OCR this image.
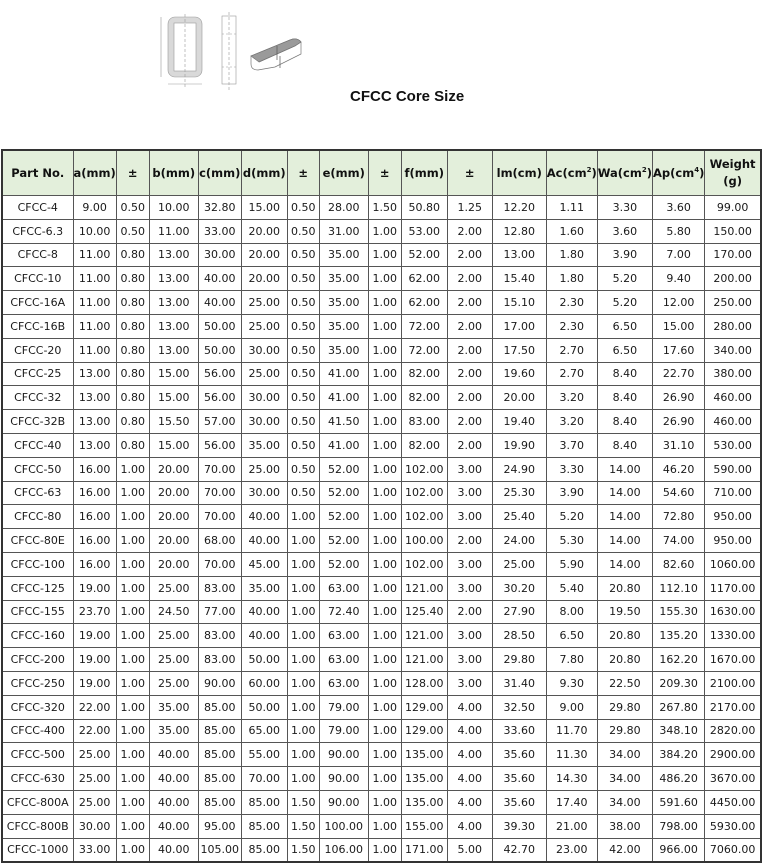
CFCC Core Size
Part No.	a(mm)	±	b(mm)	c(mm)	d(mm)	±	e(mm)	±	f(mm)	±	lm(cm)	$Ac(cm^2)$	$Wa(cm^2)$	$Ap(cm^4)$	Weight (g)
CFCC-4	9.00	0.50	10.00	32.80	15.00	0.50	28.00	1.50	50.80	1.25	12.20	1.11	3.30	3.60	99.00
CFCC-6.3	10.00	0.50	11.00	33.00	20.00	0.50	31.00	1.00	53.00	2.00	12.80	1.60	3.60	5.80	150.00
CFCC-8	11.00	0.80	13.00	30.00	20.00	0.50	35.00	1.00	52.00	2.00	13.00	1.80	3.90	7.00	170.00
CFCC-10	11.00	0.80	13.00	40.00	20.00	0.50	35.00	1.00	62.00	2.00	15.40	1.80	5.20	9.40	200.00
CFCC-16A	11.00	0.80	13.00	40.00	25.00	0.50	35.00	1.00	62.00	2.00	15.10	2.30	5.20	12.00	250.00
CFCC-16B	11.00	0.80	13.00	50.00	25.00	0.50	35.00	1.00	72.00	2.00	17.00	2.30	6.50	15.00	280.00
CFCC-20	11.00	0.80	13.00	50.00	30.00	0.50	35.00	1.00	72.00	2.00	17.50	2.70	6.50	17.60	340.00
CFCC-25	13.00	0.80	15.00	56.00	25.00	0.50	41.00	1.00	82.00	2.00	19.60	2.70	8.40	22.70	380.00
CFCC-32	13.00	0.80	15.00	56.00	30.00	0.50	41.00	1.00	82.00	2.00	20.00	3.20	8.40	26.90	460.00
CFCC-32B	13.00	0.80	15.50	57.00	30.00	0.50	41.50	1.00	83.00	2.00	19.40	3.20	8.40	26.90	460.00
CFCC-40	13.00	0.80	15.00	56.00	35.00	0.50	41.00	1.00	82.00	2.00	19.90	3.70	8.40	31.10	530.00
CFCC-50	16.00	1.00	20.00	70.00	25.00	0.50	52.00	1.00	102.00	3.00	24.90	3.30	14.00	46.20	590.00
CFCC-63	16.00	1.00	20.00	70.00	30.00	0.50	52.00	1.00	102.00	3.00	25.30	3.90	14.00	54.60	710.00
CFCC-80	16.00	1.00	20.00	70.00	40.00	1.00	52.00	1.00	102.00	3.00	25.40	5.20	14.00	72.80	950.00
CFCC-80E	16.00	1.00	20.00	68.00	40.00	1.00	52.00	1.00	100.00	2.00	24.00	5.30	14.00	74.00	950.00
CFCC-100	16.00	1.00	20.00	70.00	45.00	1.00	52.00	1.00	102.00	3.00	25.00	5.90	14.00	82.60	1060.00
CFCC-125	19.00	1.00	25.00	83.00	35.00	1.00	63.00	1.00	121.00	3.00	30.20	5.40	20.80	112.10	1170.00
CFCC-155	23.70	1.00	24.50	77.00	40.00	1.00	72.40	1.00	125.40	2.00	27.90	8.00	19.50	155.30	1630.00
CFCC-160	19.00	1.00	25.00	83.00	40.00	1.00	63.00	1.00	121.00	3.00	28.50	6.50	20.80	135.20	1330.00
CFCC-200	19.00	1.00	25.00	83.00	50.00	1.00	63.00	1.00	121.00	3.00	29.80	7.80	20.80	162.20	1670.00
CFCC-250	19.00	1.00	25.00	90.00	60.00	1.00	63.00	1.00	128.00	3.00	31.40	9.30	22.50	209.30	2100.00
CFCC-320	22.00	1.00	35.00	85.00	50.00	1.00	79.00	1.00	129.00	4.00	32.50	9.00	29.80	267.80	2170.00
CFCC-400	22.00	1.00	35.00	85.00	65.00	1.00	79.00	1.00	129.00	4.00	33.60	11.70	29.80	348.10	2820.00
CFCC-500	25.00	1.00	40.00	85.00	55.00	1.00	90.00	1.00	135.00	4.00	35.60	11.30	34.00	384.20	2900.00
CFCC-630	25.00	1.00	40.00	85.00	70.00	1.00	90.00	1.00	135.00	4.00	35.60	14.30	34.00	486.20	3670.00
CFCC-800A	25.00	1.00	40.00	85.00	85.00	1.50	90.00	1.00	135.00	4.00	35.60	17.40	34.00	591.60	4450.00
CFCC-800B	30.00	1.00	40.00	95.00	85.00	1.50	100.00	1.00	155.00	4.00	39.30	21.00	38.00	798.00	5930.00
CFCC-1000	33.00	1.00	40.00	105.00	85.00	1.50	106.00	1.00	171.00	5.00	42.70	23.00	42.00	966.00	7060.00
